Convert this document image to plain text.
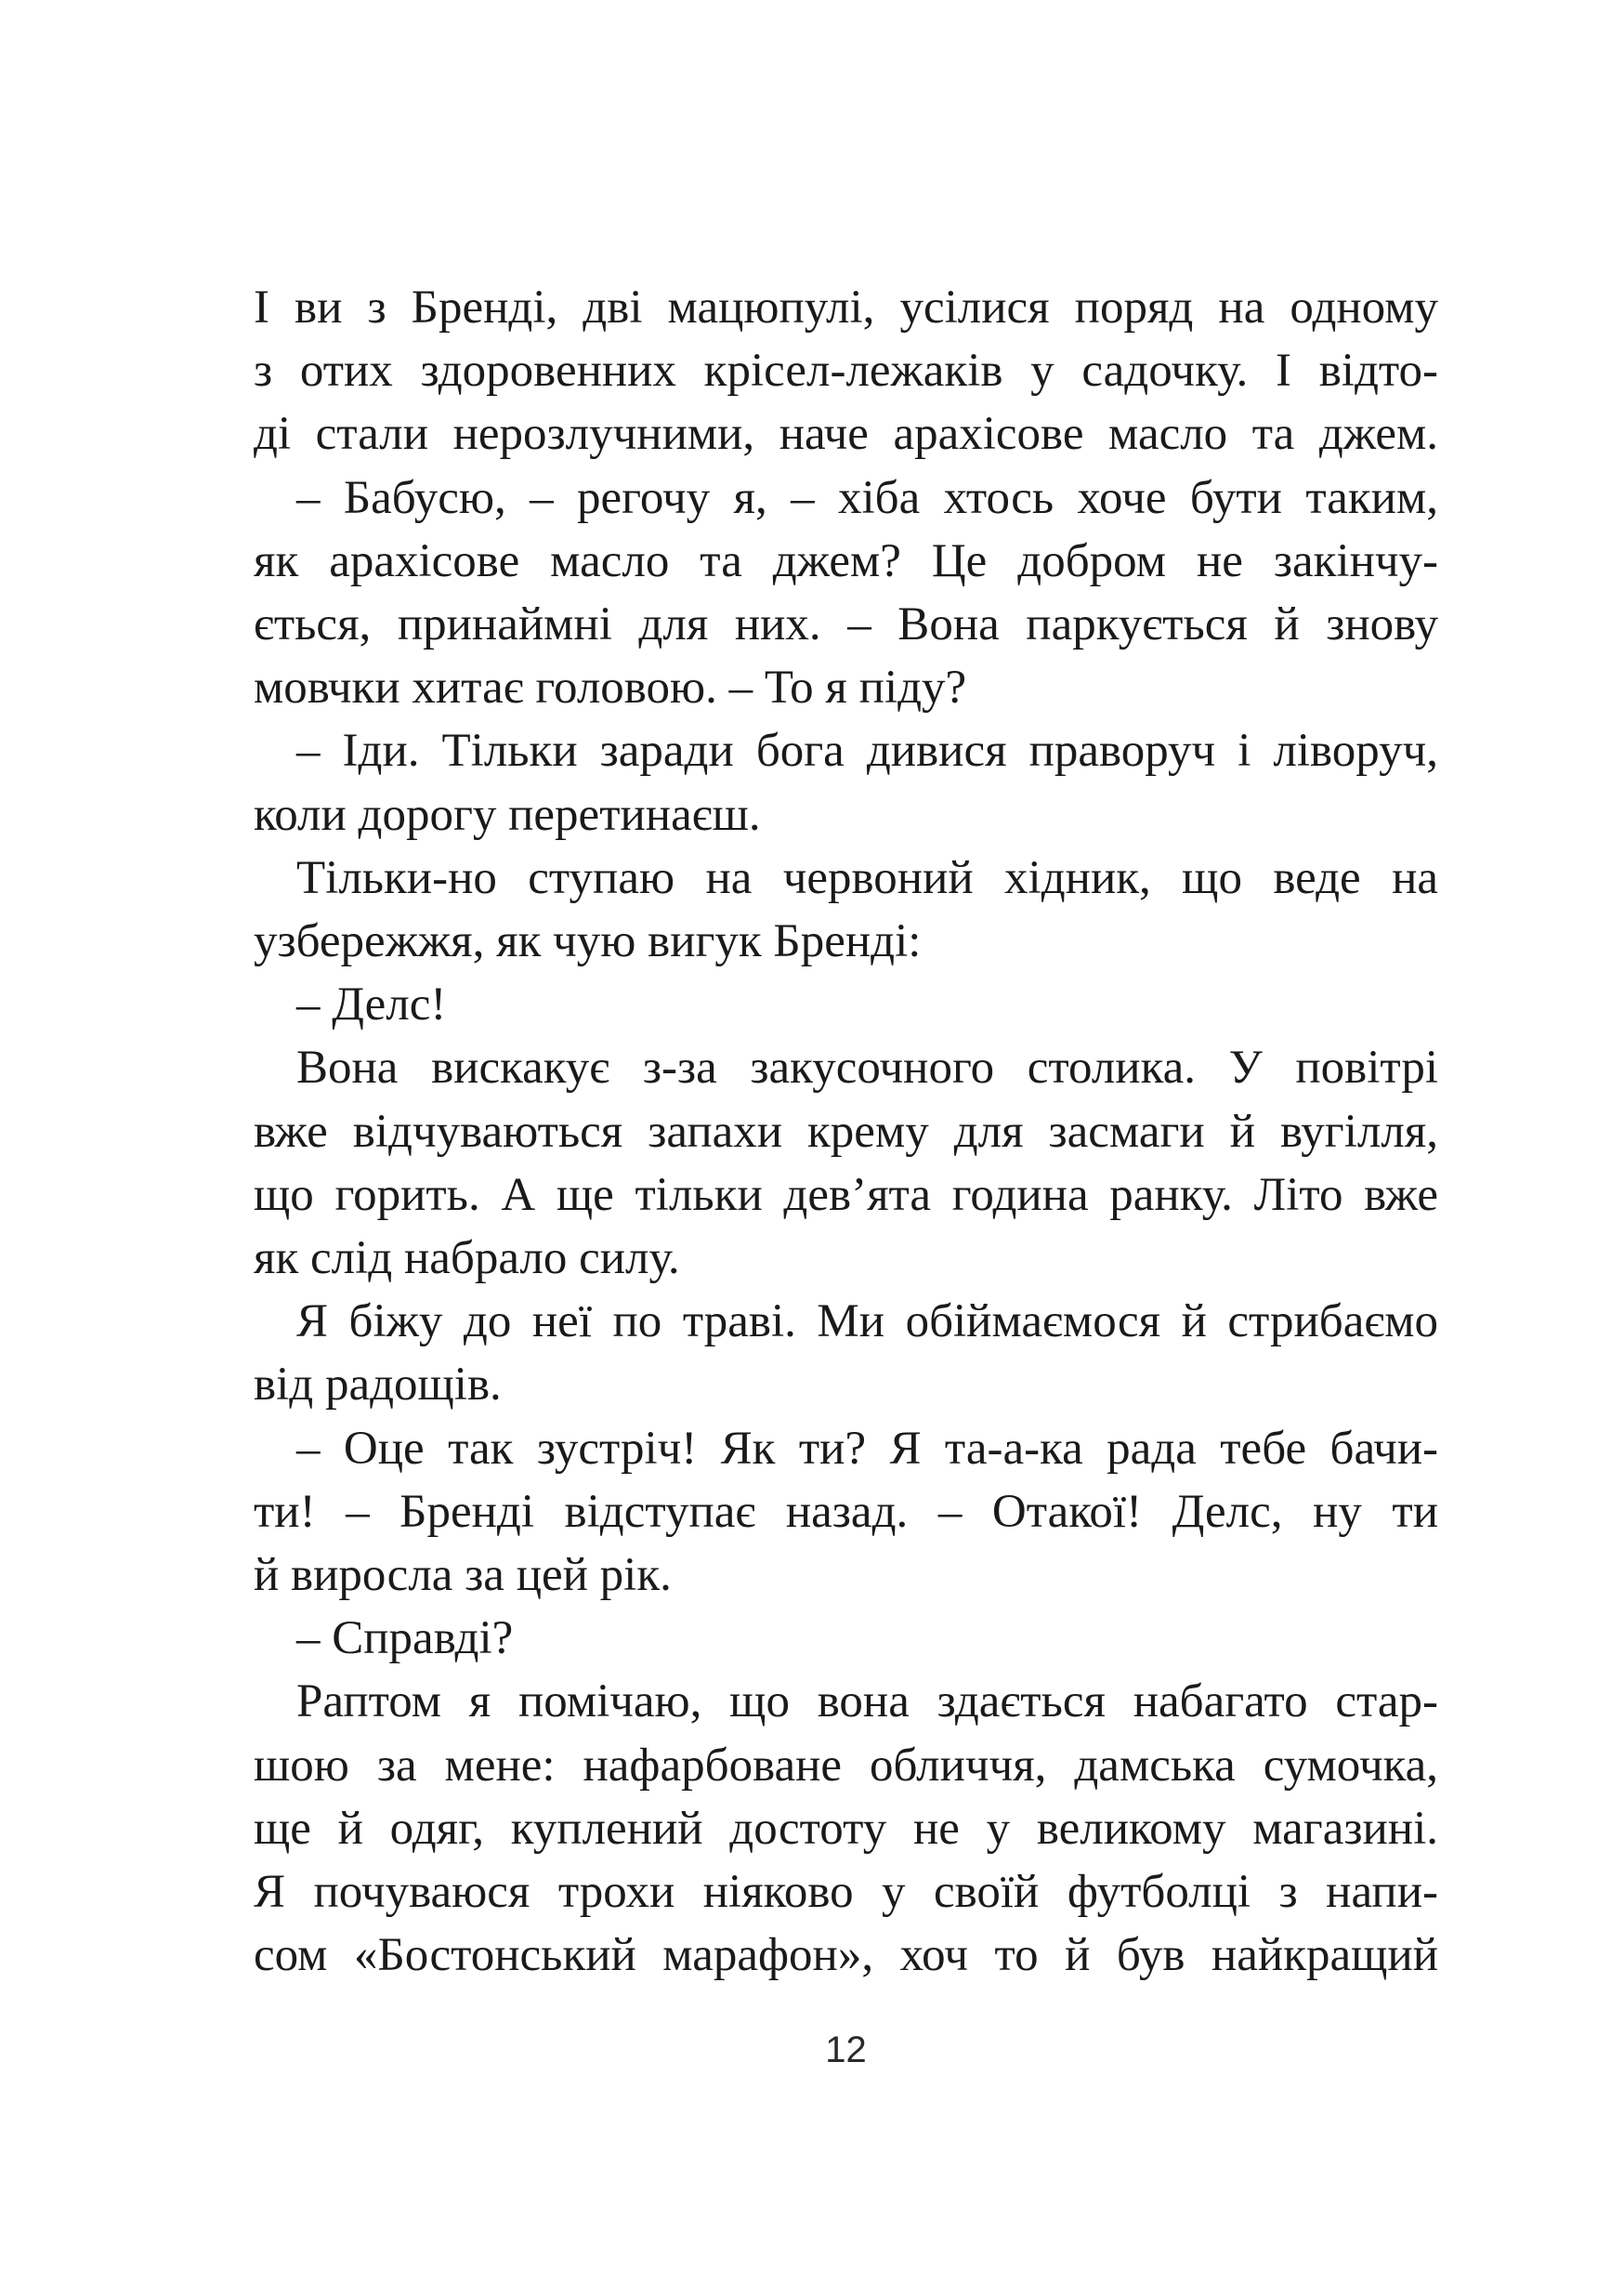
І ви з Бренді, дві мацюпулі, усілися поряд на одному
з отих здоровенних крісел-лежаків у садочку. І відто-
ді стали нерозлучними, наче арахісове масло та джем.
– Бабусю, – регочу я, – хіба хтось хоче бути таким,
як арахісове масло та джем? Це добром не закінчу-
ється, принаймні для них. – Вона паркується й знову
мовчки хитає головою. – То я піду?
– Іди. Тільки заради бога дивися праворуч і ліворуч,
коли дорогу перетинаєш.
Тільки-но ступаю на червоний хідник, що веде на
узбережжя, як чую вигук Бренді:
– Делс!
Вона вискакує з-за закусочного столика. У повітрі
вже відчуваються запахи крему для засмаги й вугілля,
що горить. А ще тільки дев’ята година ранку. Літо вже
як слід набрало силу.
Я біжу до неї по траві. Ми обіймаємося й стрибаємо
від радощів.
– Оце так зустріч! Як ти? Я та-а-ка рада тебе бачи-
ти! – Бренді відступає назад. – Отакої! Делс, ну ти
й виросла за цей рік.
– Справді?
Раптом я помічаю, що вона здається набагато стар-
шою за мене: нафарбоване обличчя, дамська сумочка,
ще й одяг, куплений достоту не у великому магазині.
Я почуваюся трохи ніяково у своїй футболці з напи-
сом «Бостонський марафон», хоч то й був найкращий
12
